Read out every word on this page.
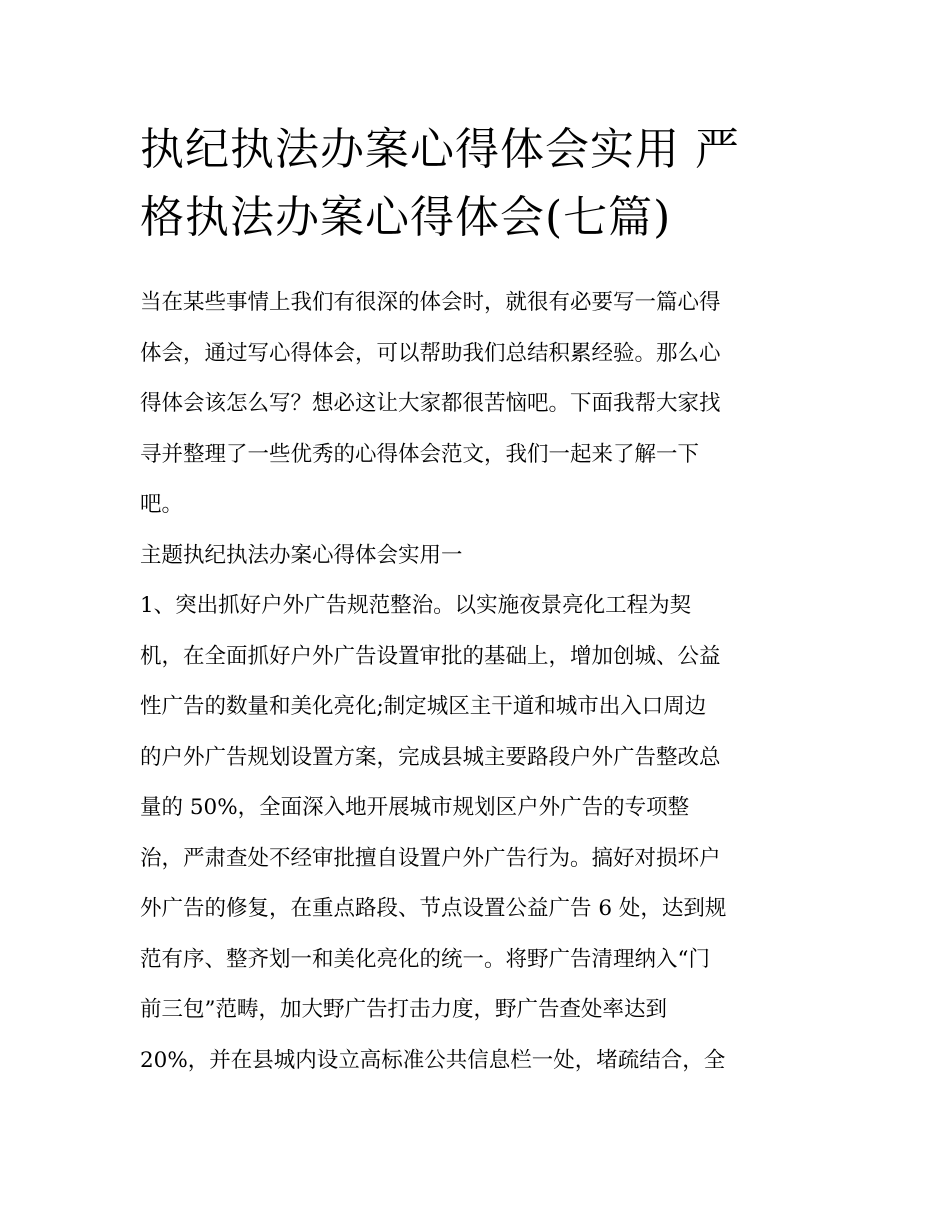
执纪执法办案心得体会实用 严
格执法办案心得体会(七篇)
当在某些事情上我们有很深的体会时，就很有必要写一篇心得
体会，通过写心得体会，可以帮助我们总结积累经验。那么心
得体会该怎么写？想必这让大家都很苦恼吧。下面我帮大家找
寻并整理了一些优秀的心得体会范文，我们一起来了解一下
吧。
主题执纪执法办案心得体会实用一
1、突出抓好户外广告规范整治。以实施夜景亮化工程为契
机，在全面抓好户外广告设置审批的基础上，增加创城、公益
性广告的数量和美化亮化;制定城区主干道和城市出入口周边
的户外广告规划设置方案，完成县城主要路段户外广告整改总
量的 50%，全面深入地开展城市规划区户外广告的专项整
治，严肃查处不经审批擅自设置户外广告行为。搞好对损坏户
外广告的修复，在重点路段、节点设置公益广告 6 处，达到规
范有序、整齐划一和美化亮化的统一。将野广告清理纳入“门
前三包”范畴，加大野广告打击力度，野广告查处率达到
20%，并在县城内设立高标准公共信息栏一处，堵疏结合，全
